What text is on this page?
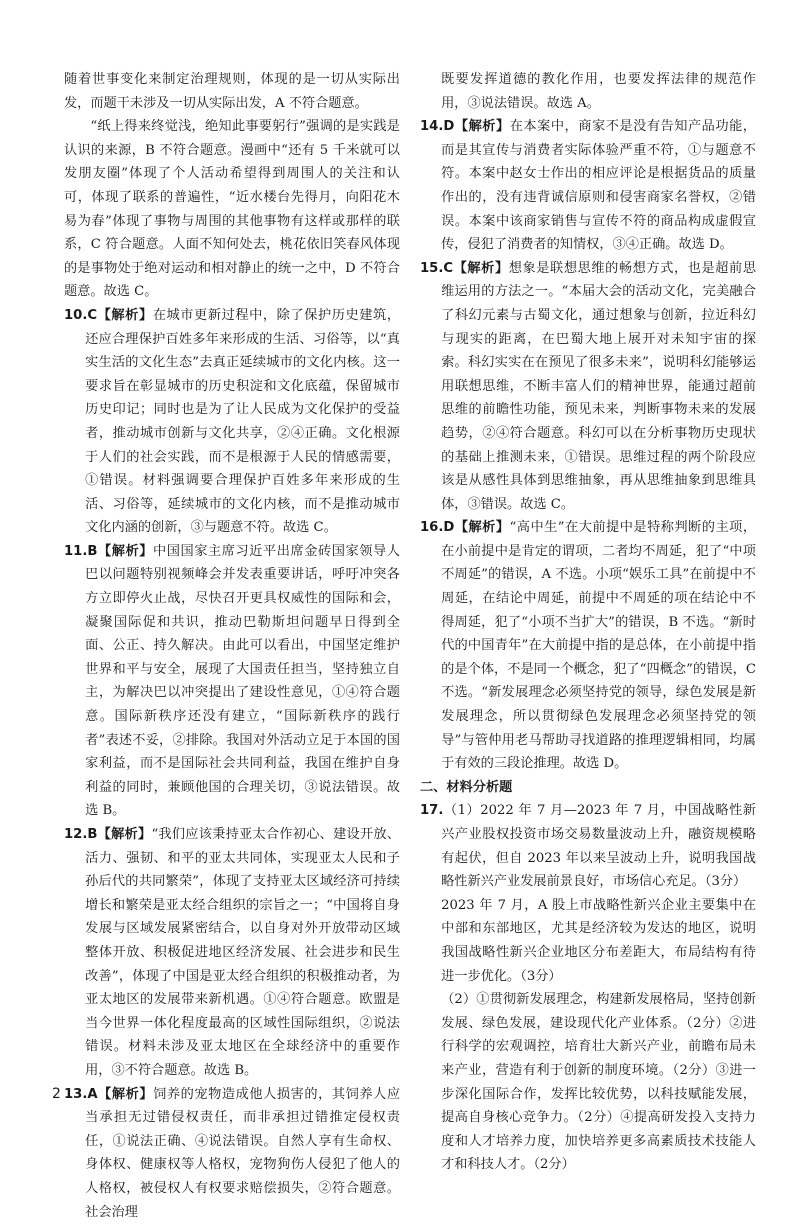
随着世事变化来制定治理规则，体现的是一切从实际出发，而题干未涉及一切从实际出发，A 不符合题意。

“纸上得来终觉浅，绝知此事要躬行”强调的是实践是认识的来源，B 不符合题意。漫画中“还有 5 千米就可以发朋友圈”体现了个人活动希望得到周围人的关注和认可，体现了联系的普遍性，“近水楼台先得月，向阳花木易为春”体现了事物与周围的其他事物有这样或那样的联系，C 符合题意。人面不知何处去，桃花依旧笑春风体现的是事物处于绝对运动和相对静止的统一之中，D 不符合题意。故选 C。

10.C【解析】在城市更新过程中，除了保护历史建筑，还应合理保护百姓多年来形成的生活、习俗等，以“真实生活的文化生态”去真正延续城市的文化内核。这一要求旨在彰显城市的历史积淀和文化底蕴，保留城市历史印记；同时也是为了让人民成为文化保护的受益者，推动城市创新与文化共享，②④正确。文化根源于人们的社会实践，而不是根源于人民的情感需要，①错误。材料强调要合理保护百姓多年来形成的生活、习俗等，延续城市的文化内核，而不是推动城市文化内涵的创新，③与题意不符。故选 C。

11.B【解析】中国国家主席习近平出席金砖国家领导人巴以问题特别视频峰会并发表重要讲话，呼吁冲突各方立即停火止战，尽快召开更具权威性的国际和会，凝聚国际促和共识，推动巴勒斯坦问题早日得到全面、公正、持久解决。由此可以看出，中国坚定维护世界和平与安全，展现了大国责任担当，坚持独立自主，为解决巴以冲突提出了建设性意见，①④符合题意。国际新秩序还没有建立，“国际新秩序的践行者”表述不妥，②排除。我国对外活动立足于本国的国家利益，而不是国际社会共同利益，我国在维护自身利益的同时，兼顾他国的合理关切，③说法错误。故选 B。

12.B【解析】“我们应该秉持亚太合作初心、建设开放、活力、强韧、和平的亚太共同体，实现亚太人民和子孙后代的共同繁荣”，体现了支持亚太区域经济可持续增长和繁荣是亚太经合组织的宗旨之一；“中国将自身发展与区域发展紧密结合，以自身对外开放带动区域整体开放、积极促进地区经济发展、社会进步和民生改善”，体现了中国是亚太经合组织的积极推动者，为亚太地区的发展带来新机遇。①④符合题意。欧盟是当今世界一体化程度最高的区域性国际组织，②说法错误。材料未涉及亚太地区在全球经济中的重要作用，③不符合题意。故选 B。

13.A【解析】饲养的宠物造成他人损害的，其饲养人应当承担无过错侵权责任，而非承担过错推定侵权责任，①说法正确、④说法错误。自然人享有生命权、身体权、健康权等人格权，宠物狗伤人侵犯了他人的人格权，被侵权人有权要求赔偿损失，②符合题意。社会治理

既要发挥道德的教化作用，也要发挥法律的规范作用，③说法错误。故选 A。

14.D【解析】在本案中，商家不是没有告知产品功能，而是其宣传与消费者实际体验严重不符，①与题意不符。本案中赵女士作出的相应评论是根据货品的质量作出的，没有违背诚信原则和侵害商家名誉权，②错误。本案中该商家销售与宣传不符的商品构成虚假宣传，侵犯了消费者的知情权，③④正确。故选 D。

15.C【解析】想象是联想思维的畅想方式，也是超前思维运用的方法之一。“本届大会的活动文化，完美融合了科幻元素与古蜀文化，通过想象与创新，拉近科幻与现实的距离，在巴蜀大地上展开对未知宇宙的探索。科幻实实在在预见了很多未来”，说明科幻能够运用联想思维，不断丰富人们的精神世界，能通过超前思维的前瞻性功能，预见未来，判断事物未来的发展趋势，②④符合题意。科幻可以在分析事物历史现状的基础上推测未来，①错误。思维过程的两个阶段应该是从感性具体到思维抽象，再从思维抽象到思维具体，③错误。故选 C。

16.D【解析】“高中生”在大前提中是特称判断的主项，在小前提中是肯定的谓项，二者均不周延，犯了“中项不周延”的错误，A 不选。小项“娱乐工具”在前提中不周延，在结论中周延，前提中不周延的项在结论中不得周延，犯了“小项不当扩大”的错误，B 不选。“新时代的中国青年”在大前提中指的是总体，在小前提中指的是个体，不是同一个概念，犯了“四概念”的错误，C 不选。“新发展理念必须坚持党的领导，绿色发展是新发展理念，所以贯彻绿色发展理念必须坚持党的领导”与管仲用老马帮助寻找道路的推理逻辑相同，均属于有效的三段论推理。故选 D。

二、材料分析题

17.（1）2022 年 7 月—2023 年 7 月，中国战略性新兴产业股权投资市场交易数量波动上升，融资规模略有起伏，但自 2023 年以来呈波动上升，说明我国战略性新兴产业发展前景良好，市场信心充足。（3分）

2023 年 7 月，A 股上市战略性新兴企业主要集中在中部和东部地区，尤其是经济较为发达的地区，说明我国战略性新兴企业地区分布差距大，布局结构有待进一步优化。（3分）

（2）①贯彻新发展理念，构建新发展格局，坚持创新发展、绿色发展，建设现代化产业体系。（2分）②进行科学的宏观调控，培育壮大新兴产业，前瞻布局未来产业，营造有利于创新的制度环境。（2分）③进一步深化国际合作，发挥比较优势，以科技赋能发展，提高自身核心竞争力。（2分）④提高研发投入支持力度和人才培养力度，加快培养更多高素质技术技能人才和科技人才。（2分）

2
